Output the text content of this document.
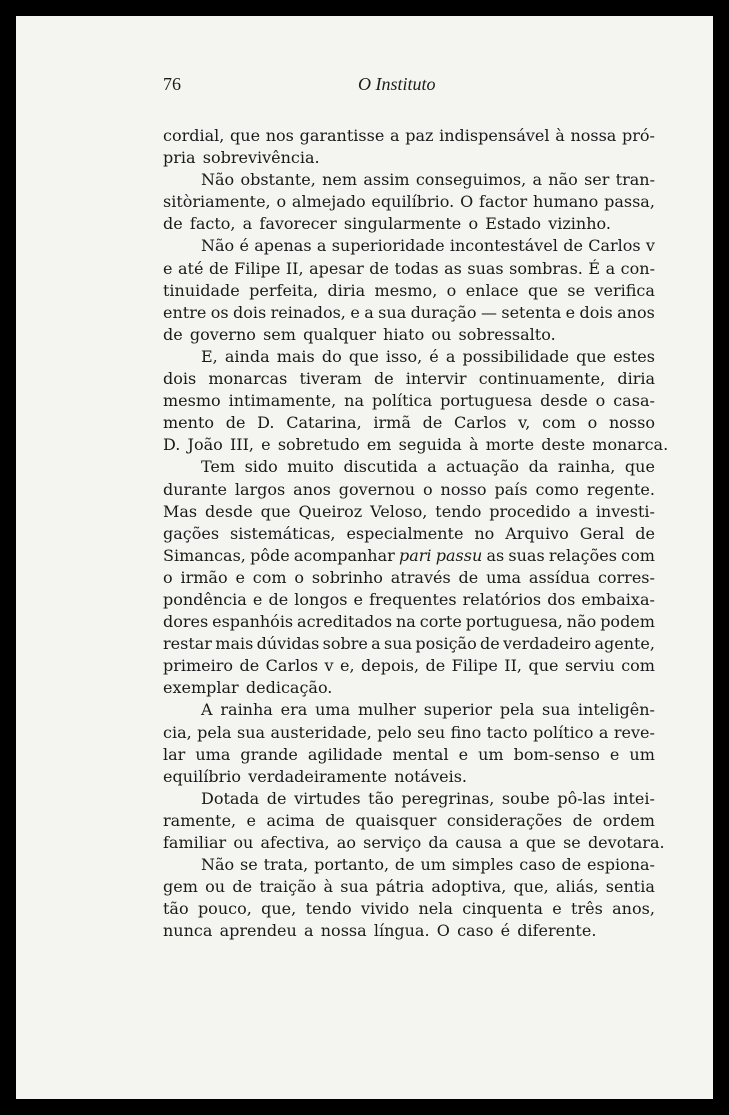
76	O Instituto
cordial, que nos garantisse a paz indispensável à nossa pró-
pria sobrevivência.
Não obstante, nem assim conseguimos, a não ser tran-
sitòriamente, o almejado equilíbrio. O factor humano passa,
de facto, a favorecer singularmente o Estado vizinho.
Não é apenas a superioridade incontestável de Carlos v
e até de Filipe II, apesar de todas as suas sombras. É a con-
tinuidade perfeita, diria mesmo, o enlace que se verifica
entre os dois reinados, e a sua duração — setenta e dois anos
de governo sem qualquer hiato ou sobressalto.
E, ainda mais do que isso, é a possibilidade que estes
dois monarcas tiveram de intervir continuamente, diria
mesmo intimamente, na política portuguesa desde o casa-
mento de D. Catarina, irmã de Carlos v, com o nosso
D. João III, e sobretudo em seguida à morte deste monarca.
Tem sido muito discutida a actuação da rainha, que
durante largos anos governou o nosso país como regente.
Mas desde que Queiroz Veloso, tendo procedido a investi-
gações sistemáticas, especialmente no Arquivo Geral de
Simancas, pôde acompanhar pari passu as suas relações com
o irmão e com o sobrinho através de uma assídua corres-
pondência e de longos e frequentes relatórios dos embaixa-
dores espanhóis acreditados na corte portuguesa, não podem
restar mais dúvidas sobre a sua posição de verdadeiro agente,
primeiro de Carlos v e, depois, de Filipe II, que serviu com
exemplar dedicação.
A rainha era uma mulher superior pela sua inteligên-
cia, pela sua austeridade, pelo seu fino tacto político a reve-
lar uma grande agilidade mental e um bom-senso e um
equilíbrio verdadeiramente notáveis.
Dotada de virtudes tão peregrinas, soube pô-las intei-
ramente, e acima de quaisquer considerações de ordem
familiar ou afectiva, ao serviço da causa a que se devotara.
Não se trata, portanto, de um simples caso de espiona-
gem ou de traição à sua pátria adoptiva, que, aliás, sentia
tão pouco, que, tendo vivido nela cinquenta e três anos,
nunca aprendeu a nossa língua. O caso é diferente.
